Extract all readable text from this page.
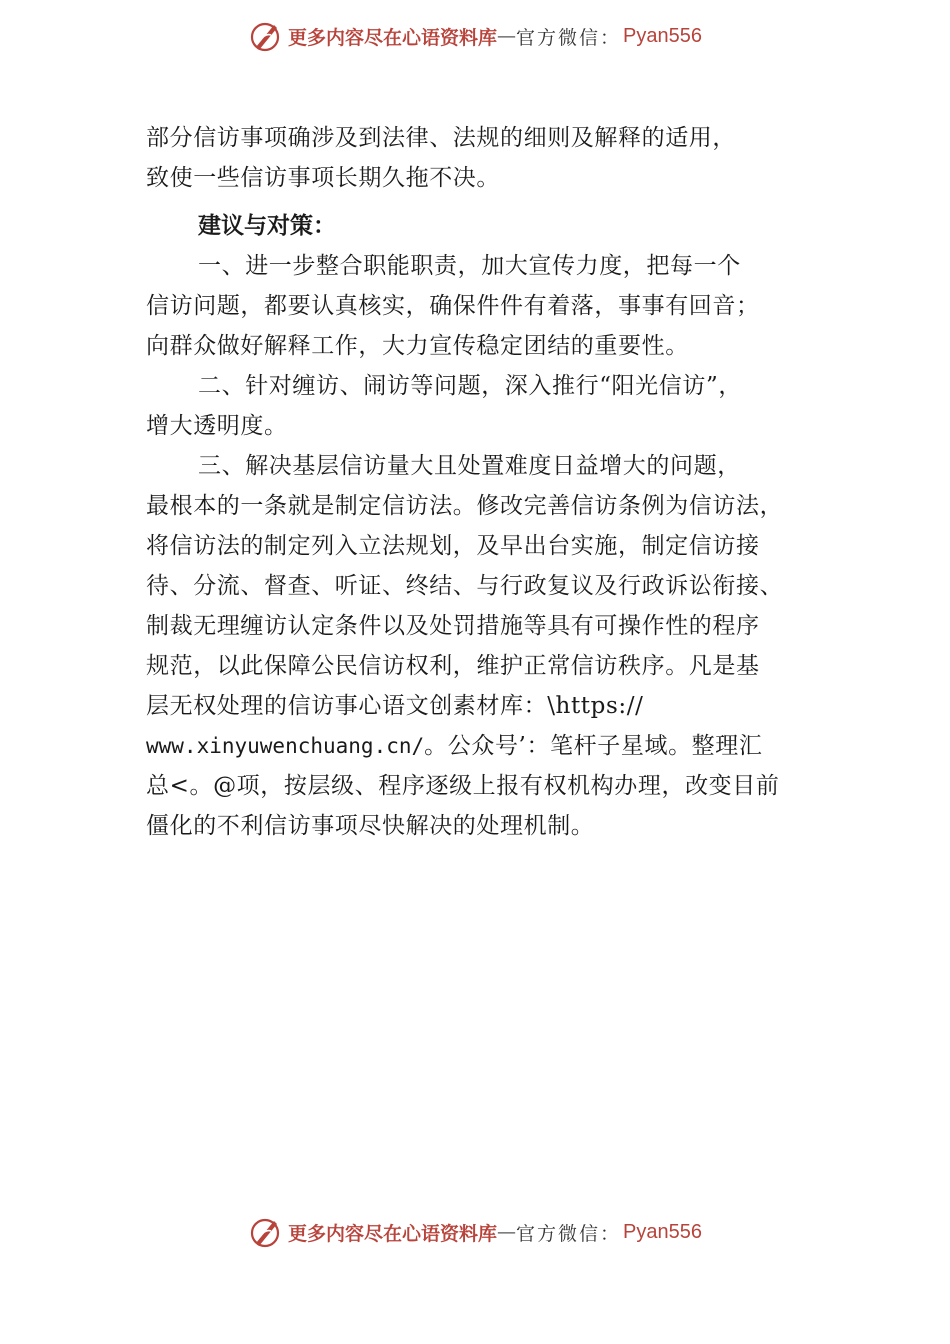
更多内容尽在心语资料库 — 官方微信： Pyan556
部分信访事项确涉及到法律、法规的细则及解释的适用，
致使一些信访事项长期久拖不决。
建议与对策：
一、进一步整合职能职责，加大宣传力度，把每一个
信访问题，都要认真核实，确保件件有着落，事事有回音；
向群众做好解释工作，大力宣传稳定团结的重要性。
二、针对缠访、闹访等问题，深入推行“阳光信访”，
增大透明度。
三、解决基层信访量大且处置难度日益增大的问题，
最根本的一条就是制定信访法。修改完善信访条例为信访法，
将信访法的制定列入立法规划，及早出台实施，制定信访接
待、分流、督查、听证、终结、与行政复议及行政诉讼衔接、
制裁无理缠访认定条件以及处罚措施等具有可操作性的程序
规范，以此保障公民信访权利，维护正常信访秩序。凡是基
层无权处理的信访事心语文创素材库：\https://
www.xinyuwenchuang.cn/。公众号’：笔杆子星域。整理汇
总<。@项，按层级、程序逐级上报有权机构办理，改变目前
僵化的不利信访事项尽快解决的处理机制。
更多内容尽在心语资料库 — 官方微信： Pyan556
